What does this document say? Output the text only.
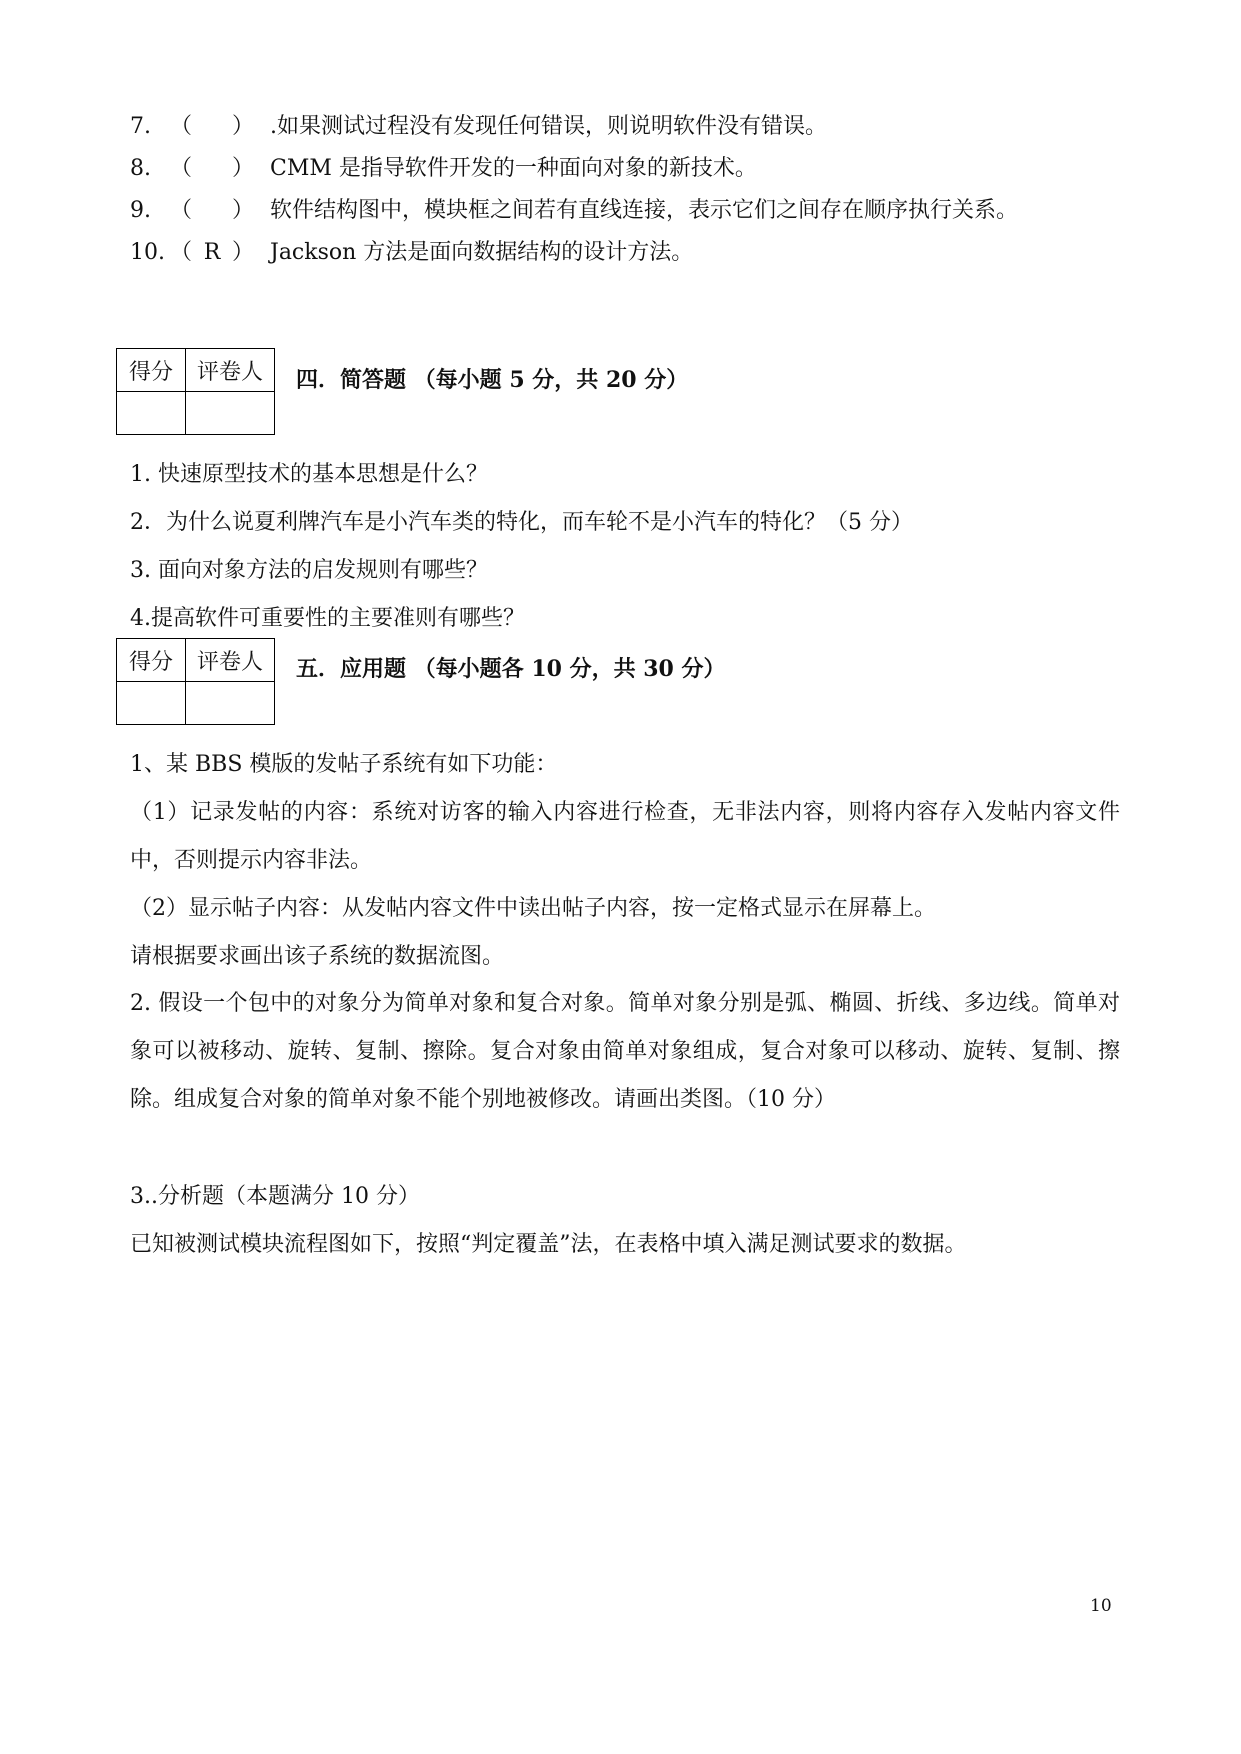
7. （ ） .如果测试过程没有发现任何错误，则说明软件没有错误。
8. （ ） CMM 是指导软件开发的一种面向对象的新技术。
9. （ ） 软件结构图中，模块框之间若有直线连接，表示它们之间存在顺序执行关系。
10. （ R ） Jackson 方法是面向数据结构的设计方法。
得分	评卷人
	四．简答题 （每小题 5 分，共 20 分）
1. 快速原型技术的基本思想是什么？
2．为什么说夏利牌汽车是小汽车类的特化，而车轮不是小汽车的特化？（5 分）
3. 面向对象方法的启发规则有哪些？
4.提高软件可重要性的主要准则有哪些？
得分	评卷人
	五．应用题 （每小题各 10 分，共 30 分）
1、某 BBS 模版的发帖子系统有如下功能：
（1）记录发帖的内容：系统对访客的输入内容进行检查，无非法内容，则将内容存入发帖内容文件中，否则提示内容非法。
（2）显示帖子内容：从发帖内容文件中读出帖子内容，按一定格式显示在屏幕上。
请根据要求画出该子系统的数据流图。
2. 假设一个包中的对象分为简单对象和复合对象。简单对象分别是弧、椭圆、折线、多边线。简单对象可以被移动、旋转、复制、擦除。复合对象由简单对象组成，复合对象可以移动、旋转、复制、擦除。组成复合对象的简单对象不能个别地被修改。请画出类图。（10 分）
3..分析题（本题满分 10 分）
已知被测试模块流程图如下，按照“判定覆盖”法，在表格中填入满足测试要求的数据。
10
